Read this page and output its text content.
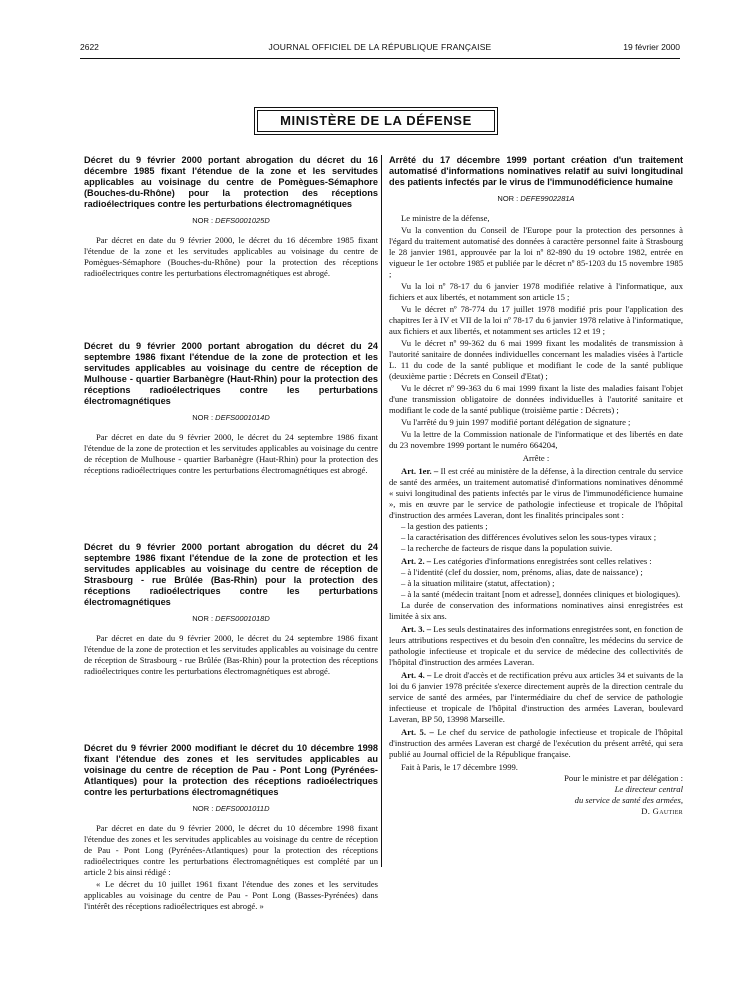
2622	JOURNAL OFFICIEL DE LA RÉPUBLIQUE FRANÇAISE	19 février 2000
MINISTÈRE DE LA DÉFENSE

Décret du 9 février 2000 portant abrogation du décret du 16 décembre 1985 fixant l'étendue de la zone et les servitudes applicables au voisinage du centre de Pomègues-Sémaphore (Bouches-du-Rhône) pour la protection des réceptions radioélectriques contre les perturbations électromagnétiques

NOR : DEFS0001025D

Par décret en date du 9 février 2000, le décret du 16 décembre 1985 fixant l'étendue de la zone et les servitudes applicables au voisinage du centre de Pomègues-Sémaphore (Bouches-du-Rhône) pour la protection des réceptions radioélectriques contre les perturbations électromagnétiques est abrogé.

Décret du 9 février 2000 portant abrogation du décret du 24 septembre 1986 fixant l'étendue de la zone de protection et les servitudes applicables au voisinage du centre de réception de Mulhouse - quartier Barbanègre (Haut-Rhin) pour la protection des réceptions radioélectriques contre les perturbations électromagnétiques

NOR : DEFS0001014D

Par décret en date du 9 février 2000, le décret du 24 septembre 1986 fixant l'étendue de la zone de protection et les servitudes applicables au voisinage du centre de réception de Mulhouse - quartier Barbanègre (Haut-Rhin) pour la protection des réceptions radioélectriques contre les perturbations électromagnétiques est abrogé.

Décret du 9 février 2000 portant abrogation du décret du 24 septembre 1986 fixant l'étendue de la zone de protection et les servitudes applicables au voisinage du centre de réception de Strasbourg - rue Brûlée (Bas-Rhin) pour la protection des réceptions radioélectriques contre les perturbations électromagnétiques

NOR : DEFS0001018D

Par décret en date du 9 février 2000, le décret du 24 septembre 1986 fixant l'étendue de la zone de protection et les servitudes applicables au voisinage du centre de réception de Strasbourg - rue Brûlée (Bas-Rhin) pour la protection des réceptions radioélectriques contre les perturbations électromagnétiques est abrogé.

Décret du 9 février 2000 modifiant le décret du 10 décembre 1998 fixant l'étendue des zones et les servitudes applicables au voisinage du centre de réception de Pau - Pont Long (Pyrénées-Atlantiques) pour la protection des réceptions radioélectriques contre les perturbations électromagnétiques

NOR : DEFS0001011D

Par décret en date du 9 février 2000, le décret du 10 décembre 1998 fixant l'étendue des zones et les servitudes applicables au voisinage du centre de réception de Pau - Pont Long (Pyrénées-Atlantiques) pour la protection des réceptions radioélectriques contre les perturbations électromagnétiques est complété par un article 2 bis ainsi rédigé :

« Le décret du 10 juillet 1961 fixant l'étendue des zones et les servitudes applicables au voisinage du centre de Pau - Pont Long (Basses-Pyrénées) dans l'intérêt des réceptions radioélectriques est abrogé. »

Arrêté du 17 décembre 1999 portant création d'un traitement automatisé d'informations nominatives relatif au suivi longitudinal des patients infectés par le virus de l'immunodéficience humaine

NOR : DEFE9902281A

Le ministre de la défense,

Vu la convention du Conseil de l'Europe pour la protection des personnes à l'égard du traitement automatisé des données à caractère personnel faite à Strasbourg le 28 janvier 1981, approuvée par la loi nº 82-890 du 19 octobre 1982, entrée en vigueur le 1er octobre 1985 et publiée par le décret nº 85-1203 du 15 novembre 1985 ;

Vu la loi nº 78-17 du 6 janvier 1978 modifiée relative à l'informatique, aux fichiers et aux libertés, et notamment son article 15 ;

Vu le décret nº 78-774 du 17 juillet 1978 modifié pris pour l'application des chapitres Ier à IV et VII de la loi nº 78-17 du 6 janvier 1978 relative à l'informatique, aux fichiers et aux libertés, et notamment ses articles 12 et 19 ;

Vu le décret nº 99-362 du 6 mai 1999 fixant les modalités de transmission à l'autorité sanitaire de données individuelles concernant les maladies visées à l'article L. 11 du code de la santé publique et modifiant le code de la santé publique (deuxième partie : Décrets en Conseil d'Etat) ;

Vu le décret nº 99-363 du 6 mai 1999 fixant la liste des maladies faisant l'objet d'une transmission obligatoire de données individuelles à l'autorité sanitaire et modifiant le code de la santé publique (troisième partie : Décrets) ;

Vu l'arrêté du 9 juin 1997 modifié portant délégation de signature ;

Vu la lettre de la Commission nationale de l'informatique et des libertés en date du 23 novembre 1999 portant le numéro 664204,

Arrête :

Art. 1er. – Il est créé au ministère de la défense, à la direction centrale du service de santé des armées, un traitement automatisé d'informations nominatives dénommé « suivi longitudinal des patients infectés par le virus de l'immunodéficience humaine », mis en œuvre par le service de pathologie infectieuse et tropicale de l'hôpital d'instruction des armées Laveran, dont les finalités principales sont :

– la gestion des patients ;

– la caractérisation des différences évolutives selon les sous-types viraux ;

– la recherche de facteurs de risque dans la population suivie.

Art. 2. – Les catégories d'informations enregistrées sont celles relatives :

– à l'identité (clef du dossier, nom, prénoms, alias, date de naissance) ;

– à la situation militaire (statut, affectation) ;

– à la santé (médecin traitant [nom et adresse], données cliniques et biologiques).

La durée de conservation des informations nominatives ainsi enregistrées est limitée à six ans.

Art. 3. – Les seuls destinataires des informations enregistrées sont, en fonction de leurs attributions respectives et du besoin d'en connaître, les médecins du service de pathologie infectieuse et tropicale et du service de médecine des collectivités de l'hôpital d'instruction des armées Laveran.

Art. 4. – Le droit d'accès et de rectification prévu aux articles 34 et suivants de la loi du 6 janvier 1978 précitée s'exerce directement auprès de la direction centrale du service de santé des armées, par l'intermédiaire du chef de service de pathologie infectieuse et tropicale de l'hôpital d'instruction des armées Laveran, boulevard Laveran, BP 50, 13998 Marseille.

Art. 5. – Le chef du service de pathologie infectieuse et tropicale de l'hôpital d'instruction des armées Laveran est chargé de l'exécution du présent arrêté, qui sera publié au Journal officiel de la République française.

Fait à Paris, le 17 décembre 1999.

Pour le ministre et par délégation :

Le directeur central

du service de santé des armées,

D. Gautier
